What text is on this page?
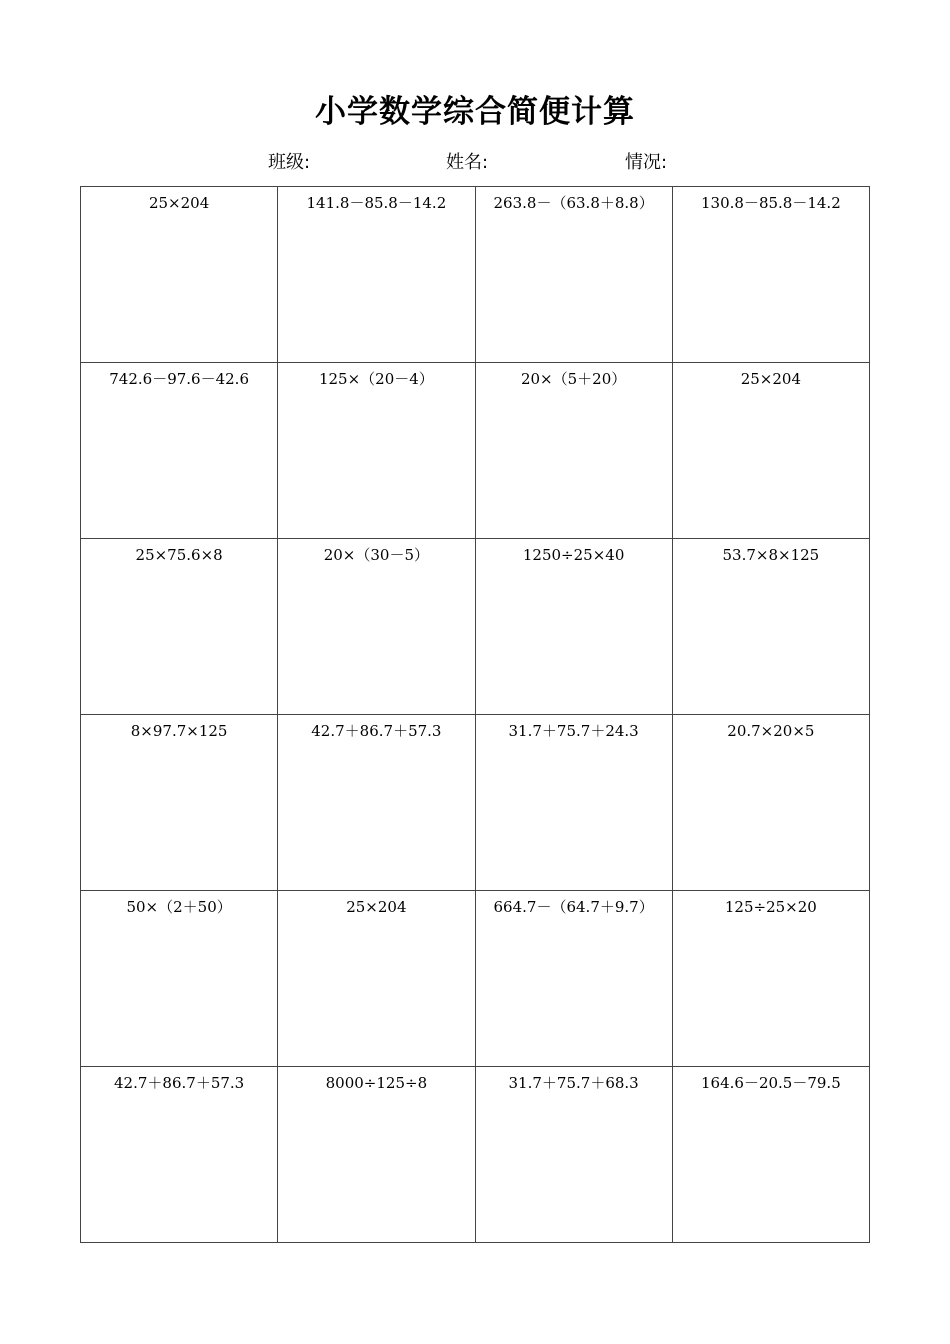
小学数学综合简便计算
班级:	姓名:	情况:
25×204	141.8－85.8－14.2	263.8－（63.8＋8.8）	130.8－85.8－14.2
742.6－97.6－42.6	125×（20－4）	20×（5＋20）	25×204
25×75.6×8	20×（30－5）	1250÷25×40	53.7×8×125
8×97.7×125	42.7＋86.7＋57.3	31.7＋75.7＋24.3	20.7×20×5
50×（2＋50）	25×204	664.7－（64.7＋9.7）	125÷25×20
42.7＋86.7＋57.3	8000÷125÷8	31.7＋75.7＋68.3	164.6－20.5－79.5
